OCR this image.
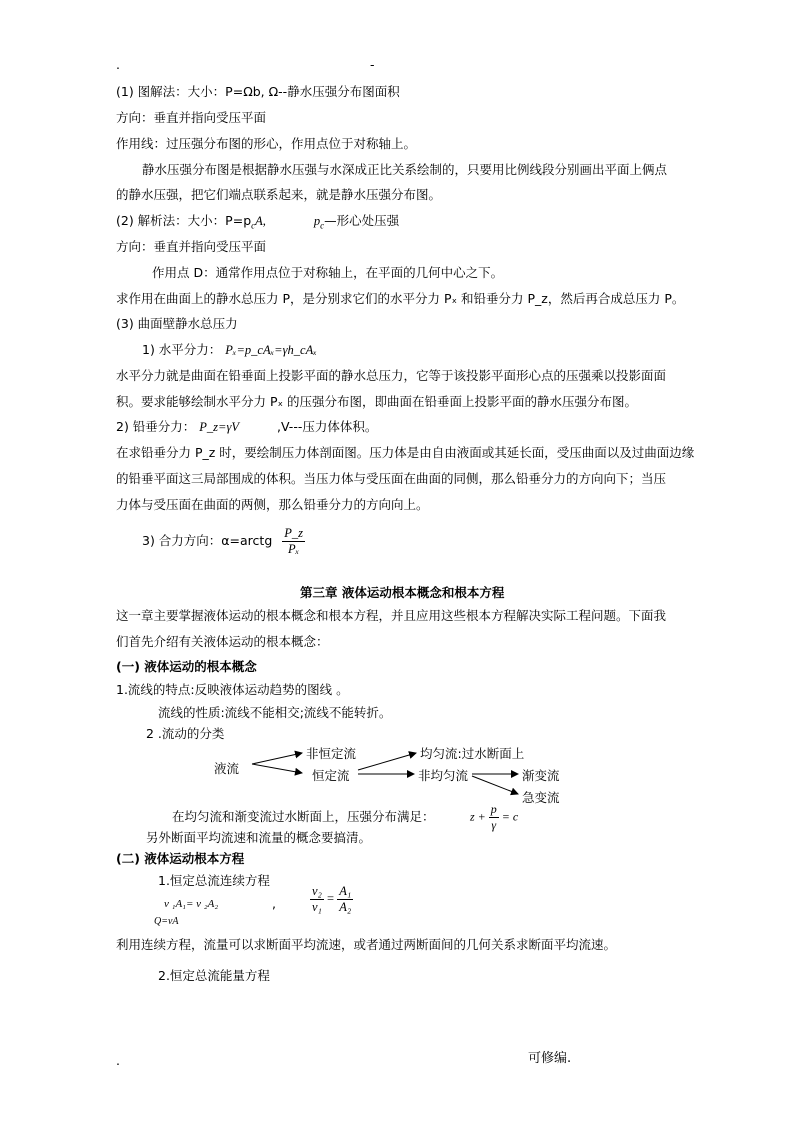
.	-
(1) 图解法：大小：P=Ωb, Ω--静水压强分布图面积
方向：垂直并指向受压平面
作用线：过压强分布图的形心，作用点位于对称轴上。
静水压强分布图是根据静水压强与水深成正比关系绘制的，只要用比例线段分别画出平面上俩点
的静水压强，把它们端点联系起来，就是静水压强分布图。
(2) 解析法：大小：$P=p_cA$,	$p_c—$形心处压强
方向：垂直并指向受压平面
作用点 D：通常作用点位于对称轴上，在平面的几何中心之下。
求作用在曲面上的静水总压力 P，是分别求它们的水平分力 Pₓ 和铅垂分力 P_z，然后再合成总压力 P。
(3) 曲面壁静水总压力
1) 水平分力： Pₓ=p_cAₓ=γh_cAₓ
水平分力就是曲面在铅垂面上投影平面的静水总压力，它等于该投影平面形心点的压强乘以投影面面
积。要求能够绘制水平分力 Pₓ 的压强分布图，即曲面在铅垂面上投影平面的静水压强分布图。
2) 铅垂分力： P_z=γV	,V---压力体体积。
在求铅垂分力 P_z 时，要绘制压力体剖面图。压力体是由自由液面或其延长面，受压曲面以及过曲面边缘
的铅垂平面这三局部围成的体积。当压力体与受压面在曲面的同侧，那么铅垂分力的方向向下；当压
力体与受压面在曲面的两侧，那么铅垂分力的方向向上。
3) 合力方向：α=arctg $\frac{P\_z}{\text{Pₓ}}$
第三章 液体运动根本概念和根本方程
这一章主要掌握液体运动的根本概念和根本方程，并且应用这些根本方程解决实际工程问题。下面我
们首先介绍有关液体运动的根本概念：
(一) 液体运动的根本概念
1.流线的特点:反映液体运动趋势的图线 。
流线的性质:流线不能相交;流线不能转折。
2 .流动的分类
液流
非恒定流
恒定流
均匀流:过水断面上
非均匀流	渐变流
急变流
在均匀流和渐变流过水断面上，压强分布满足：	$z + \frac{p}{\gamma} = c$
另外断面平均流速和流量的概念要搞清。
(二) 液体运动根本方程
1.恒定总流连续方程
v ₁A₁= v ₂A₂	,
Q=vA
$\frac{\text{v₂}}{\text{v₁}} = \frac{\text{A₁}}{\text{A₂}}$
利用连续方程，流量可以求断面平均流速，或者通过两断面间的几何关系求断面平均流速。
2.恒定总流能量方程
.	可修编.
